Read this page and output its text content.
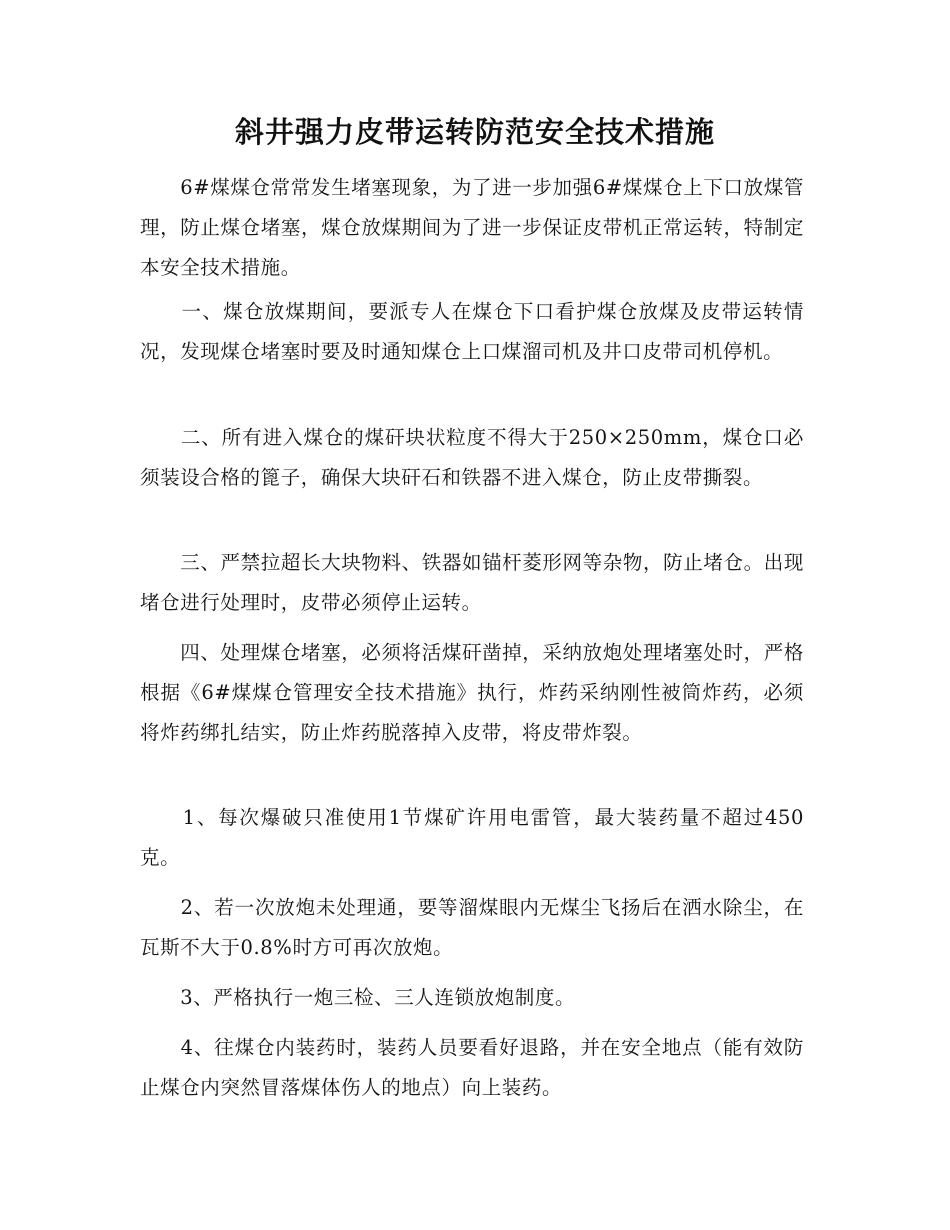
斜井强力皮带运转防范安全技术措施

　　6#煤煤仓常常发生堵塞现象，为了进一步加强6#煤煤仓上下口放煤管理，防止煤仓堵塞，煤仓放煤期间为了进一步保证皮带机正常运转，特制定本安全技术措施。

　　一、煤仓放煤期间，要派专人在煤仓下口看护煤仓放煤及皮带运转情况，发现煤仓堵塞时要及时通知煤仓上口煤溜司机及井口皮带司机停机。

　　二、所有进入煤仓的煤矸块状粒度不得大于250×250mm，煤仓口必须装设合格的篦子，确保大块矸石和铁器不进入煤仓，防止皮带撕裂。

　　三、严禁拉超长大块物料、铁器如锚杆菱形网等杂物，防止堵仓。出现堵仓进行处理时，皮带必须停止运转。

　　四、处理煤仓堵塞，必须将活煤矸凿掉，采纳放炮处理堵塞处时，严格根据《6#煤煤仓管理安全技术措施》执行，炸药采纳刚性被筒炸药，必须将炸药绑扎结实，防止炸药脱落掉入皮带，将皮带炸裂。

　　1、每次爆破只准使用1节煤矿许用电雷管，最大装药量不超过450克。

　　2、若一次放炮未处理通，要等溜煤眼内无煤尘飞扬后在洒水除尘，在瓦斯不大于0.8%时方可再次放炮。

　　3、严格执行一炮三检、三人连锁放炮制度。

　　4、往煤仓内装药时，装药人员要看好退路，并在安全地点（能有效防止煤仓内突然冒落煤体伤人的地点）向上装药。
